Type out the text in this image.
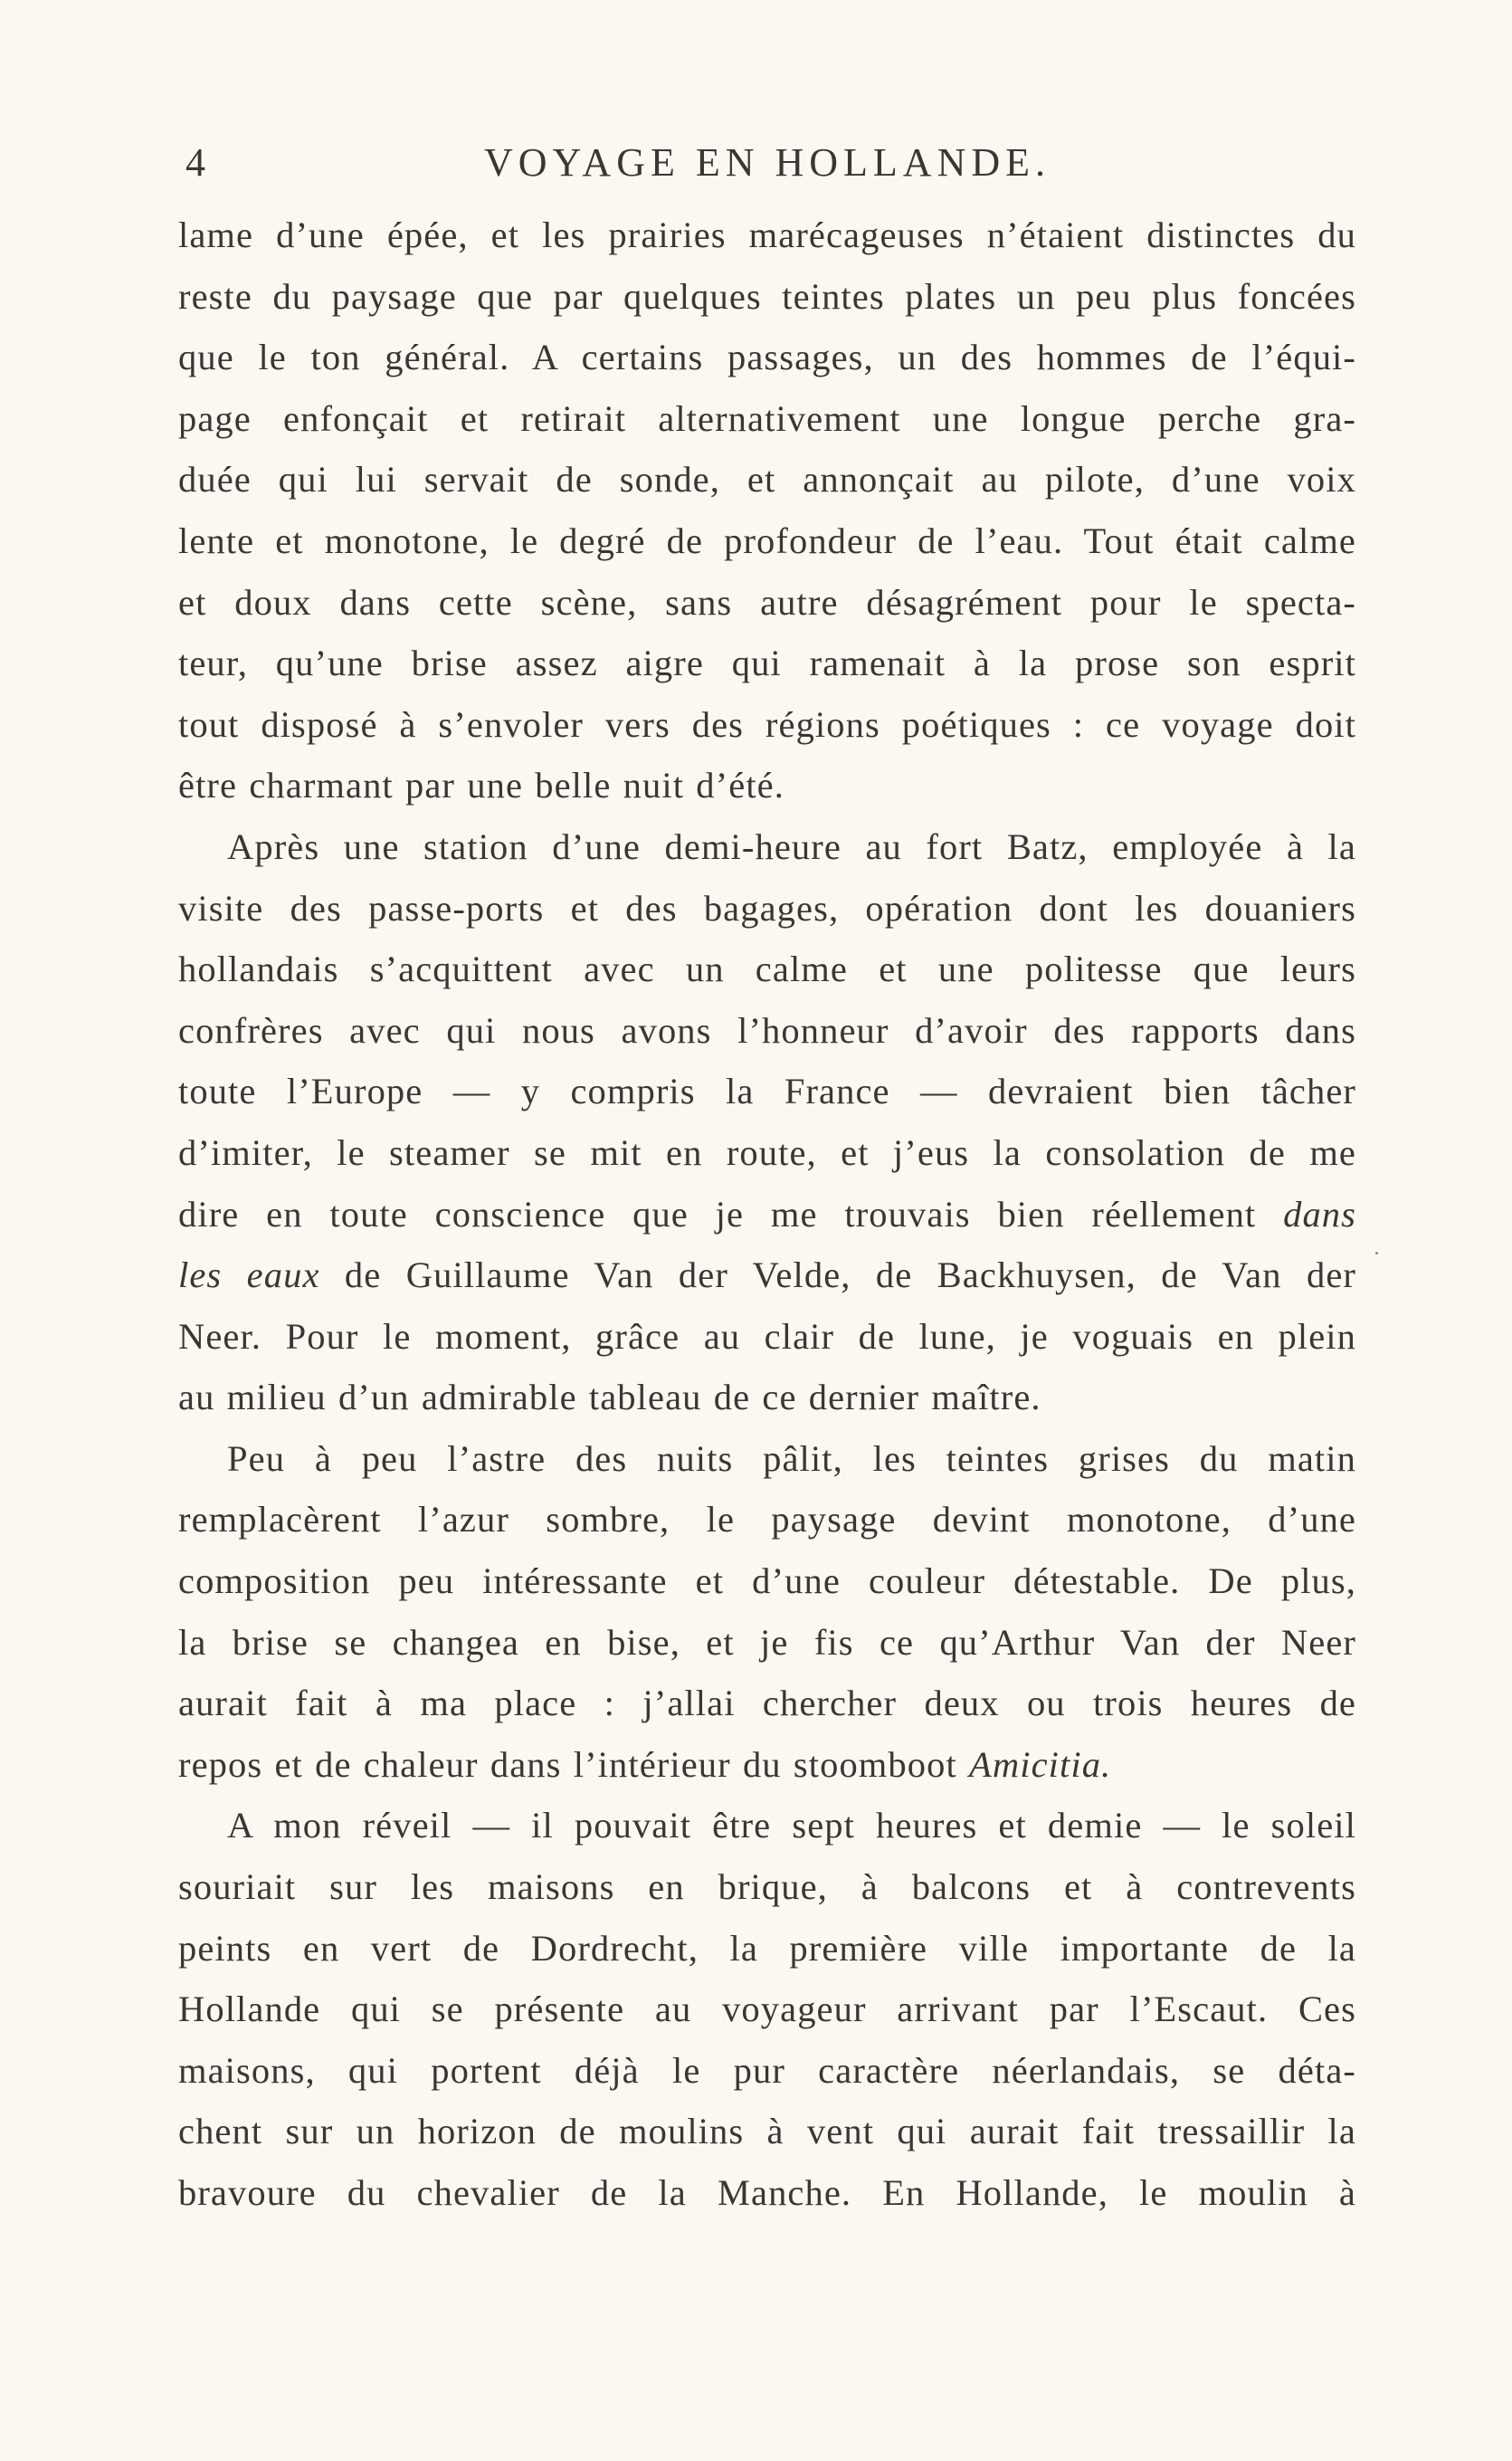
4	VOYAGE EN HOLLANDE.
lame d’une épée, et les prairies marécageuses n’étaient distinctes du
reste du paysage que par quelques teintes plates un peu plus foncées
que le ton général. A certains passages, un des hommes de l’équi-
page enfonçait et retirait alternativement une longue perche gra-
duée qui lui servait de sonde, et annonçait au pilote, d’une voix
lente et monotone, le degré de profondeur de l’eau. Tout était calme
et doux dans cette scène, sans autre désagrément pour le specta-
teur, qu’une brise assez aigre qui ramenait à la prose son esprit
tout disposé à s’envoler vers des régions poétiques : ce voyage doit
être charmant par une belle nuit d’été.
Après une station d’une demi-heure au fort Batz, employée à la
visite des passe-ports et des bagages, opération dont les douaniers
hollandais s’acquittent avec un calme et une politesse que leurs
confrères avec qui nous avons l’honneur d’avoir des rapports dans
toute l’Europe — y compris la France — devraient bien tâcher
d’imiter, le steamer se mit en route, et j’eus la consolation de me
dire en toute conscience que je me trouvais bien réellement dans
les eaux de Guillaume Van der Velde, de Backhuysen, de Van der
Neer. Pour le moment, grâce au clair de lune, je voguais en plein
au milieu d’un admirable tableau de ce dernier maître.
Peu à peu l’astre des nuits pâlit, les teintes grises du matin
remplacèrent l’azur sombre, le paysage devint monotone, d’une
composition peu intéressante et d’une couleur détestable. De plus,
la brise se changea en bise, et je fis ce qu’Arthur Van der Neer
aurait fait à ma place : j’allai chercher deux ou trois heures de
repos et de chaleur dans l’intérieur du stoomboot Amicitia.
A mon réveil — il pouvait être sept heures et demie — le soleil
souriait sur les maisons en brique, à balcons et à contrevents
peints en vert de Dordrecht, la première ville importante de la
Hollande qui se présente au voyageur arrivant par l’Escaut. Ces
maisons, qui portent déjà le pur caractère néerlandais, se déta-
chent sur un horizon de moulins à vent qui aurait fait tressaillir la
bravoure du chevalier de la Manche. En Hollande, le moulin à
